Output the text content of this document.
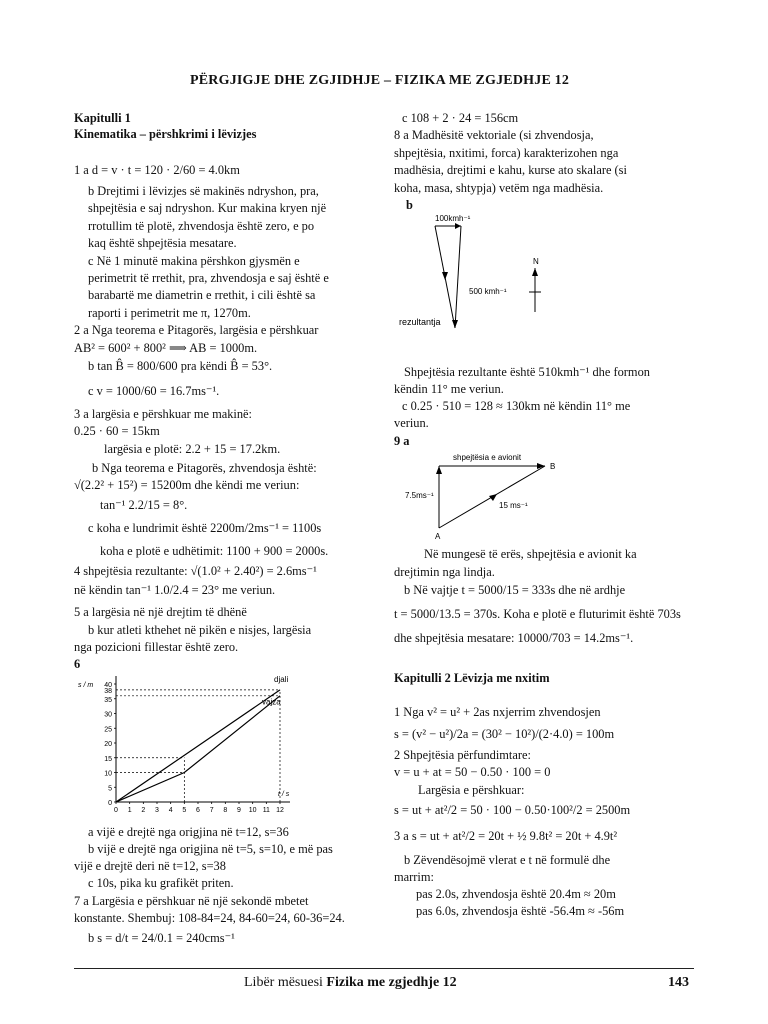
PËRGJIGJE DHE ZGJIDHJE – FIZIKA ME ZGJEDHJE 12
Kapitulli 1
Kinematika – përshkrimi i lëvizjes
1 a d = v · t = 120 · 2/60 = 4.0km
b Drejtimi i lëvizjes së makinës ndryshon, pra,
shpejtësia e saj ndryshon. Kur makina kryen një
rrotullim të plotë, zhvendosja është zero, e po
kaq është shpejtësia mesatare.
c Në 1 minutë makina përshkon gjysmën e
perimetrit të rrethit, pra, zhvendosja e saj është e
barabartë me diametrin e rrethit, i cili është sa
raporti i perimetrit me π, 1270m.
2 a Nga teorema e Pitagorës, largësia e përshkuar
AB² = 600² + 800² ⟹ AB = 1000m.
b tan B̂ = 800/600 pra këndi B̂ = 53°.
c v = 1000/60 = 16.7ms⁻¹.
3 a largësia e përshkuar me makinë:
0.25 · 60 = 15km
largësia e plotë: 2.2 + 15 = 17.2km.
b Nga teorema e Pitagorës, zhvendosja është:
√(2.2² + 15²) = 15200m dhe këndi me veriun:
tan⁻¹ 2.2/15 = 8°.
c koha e lundrimit është 2200m/2ms⁻¹ = 1100s
koha e plotë e udhëtimit: 1100 + 900 = 2000s.
4 shpejtësia rezultante: √(1.0² + 2.40²) = 2.6ms⁻¹
në këndin tan⁻¹ 1.0/2.4 = 23° me veriun.
5 a largësia në një drejtim të dhënë
b kur atleti kthehet në pikën e nisjes, largësia
nga pozicioni fillestar është zero.
6
a vijë e drejtë nga origjina në t=12, s=36
b vijë e drejtë nga origjina në t=5, s=10, e më pas
vijë e drejtë deri në t=12, s=38
c 10s, pika ku grafikët priten.
7 a Largësia e përshkuar në një sekondë mbetet
konstante. Shembuj: 108-84=24, 84-60=24, 60-36=24.
b s = d/t = 24/0.1 = 240cms⁻¹
c 108 + 2 · 24 = 156cm
8 a Madhësitë vektoriale (si zhvendosja,
shpejtësia, nxitimi, forca) karakterizohen nga
madhësia, drejtimi e kahu, kurse ato skalare (si
koha, masa, shtypja) vetëm nga madhësia.
b
Shpejtësia rezultante është 510kmh⁻¹ dhe formon
këndin 11° me veriun.
c 0.25 · 510 = 128 ≈ 130km në këndin 11° me
veriun.
9 a
Në mungesë të erës, shpejtësia e avionit ka
drejtimin nga lindja.
b Në vajtje t = 5000/15 = 333s dhe në ardhje
t = 5000/13.5 = 370s. Koha e plotë e fluturimit është 703s
dhe shpejtësia mesatare: 10000/703 = 14.2ms⁻¹.
Kapitulli 2 Lëvizja me nxitim
1 Nga v² = u² + 2as nxjerrim zhvendosjen
s = (v² − u²)/2a = (30² − 10²)/(2·4.0) = 100m
2 Shpejtësia përfundimtare:
v = u + at = 50 − 0.50 · 100 = 0
Largësia e përshkuar:
s = ut + at²/2 = 50 · 100 − 0.50·100²/2 = 2500m
3 a s = ut + at²/2 = 20t + ½ 9.8t² = 20t + 4.9t²
b Zëvendësojmë vlerat e t në formulë dhe
marrim:
pas 2.0s, zhvendosja është 20.4m ≈ 20m
pas 6.0s, zhvendosja është -56.4m ≈ -56m
0
5
10
15
20
25
30
35
40
38
0 1 2 3 4 5 6 7 8 9 10 11 12
s / m
t / s
djali
vajza
100kmh⁻¹
500 kmh⁻¹
rezultantja
N
shpejtësia e avionit
7.5ms⁻¹
15 ms⁻¹
A
B
Libër mësuesi Fizika me zgjedhje 12	143
